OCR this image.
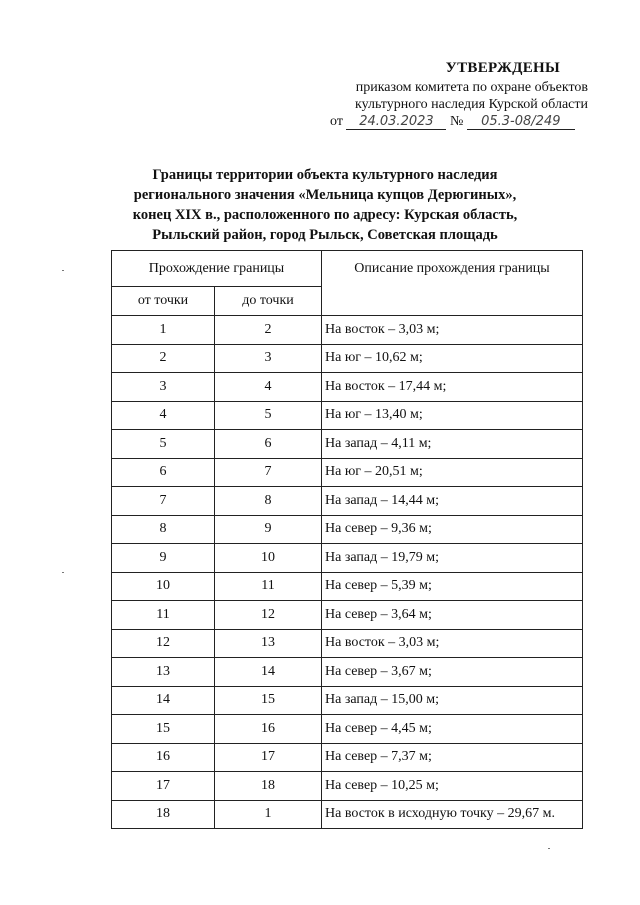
УТВЕРЖДЕНЫ
приказом комитета по охране объектов
культурного наследия Курской области
от 24.03.2023 № 05.3-08/249
Границы территории объекта культурного наследия
регионального значения «Мельница купцов Дерюгиных»,
конец XIX в., расположенного по адресу: Курская область,
Рыльский район, город Рыльск, Советская площадь
Прохождение границы		Описание прохождения границы
от точки	до точки	
1	2	На восток – 3,03 м;
2	3	На юг – 10,62 м;
3	4	На восток – 17,44 м;
4	5	На юг – 13,40 м;
5	6	На запад – 4,11 м;
6	7	На юг – 20,51 м;
7	8	На запад – 14,44 м;
8	9	На север – 9,36 м;
9	10	На запад – 19,79 м;
10	11	На север – 5,39 м;
11	12	На север – 3,64 м;
12	13	На восток – 3,03 м;
13	14	На север – 3,67 м;
14	15	На запад – 15,00 м;
15	16	На север – 4,45 м;
16	17	На север – 7,37 м;
17	18	На север – 10,25 м;
18	1	На восток в исходную точку – 29,67 м.
